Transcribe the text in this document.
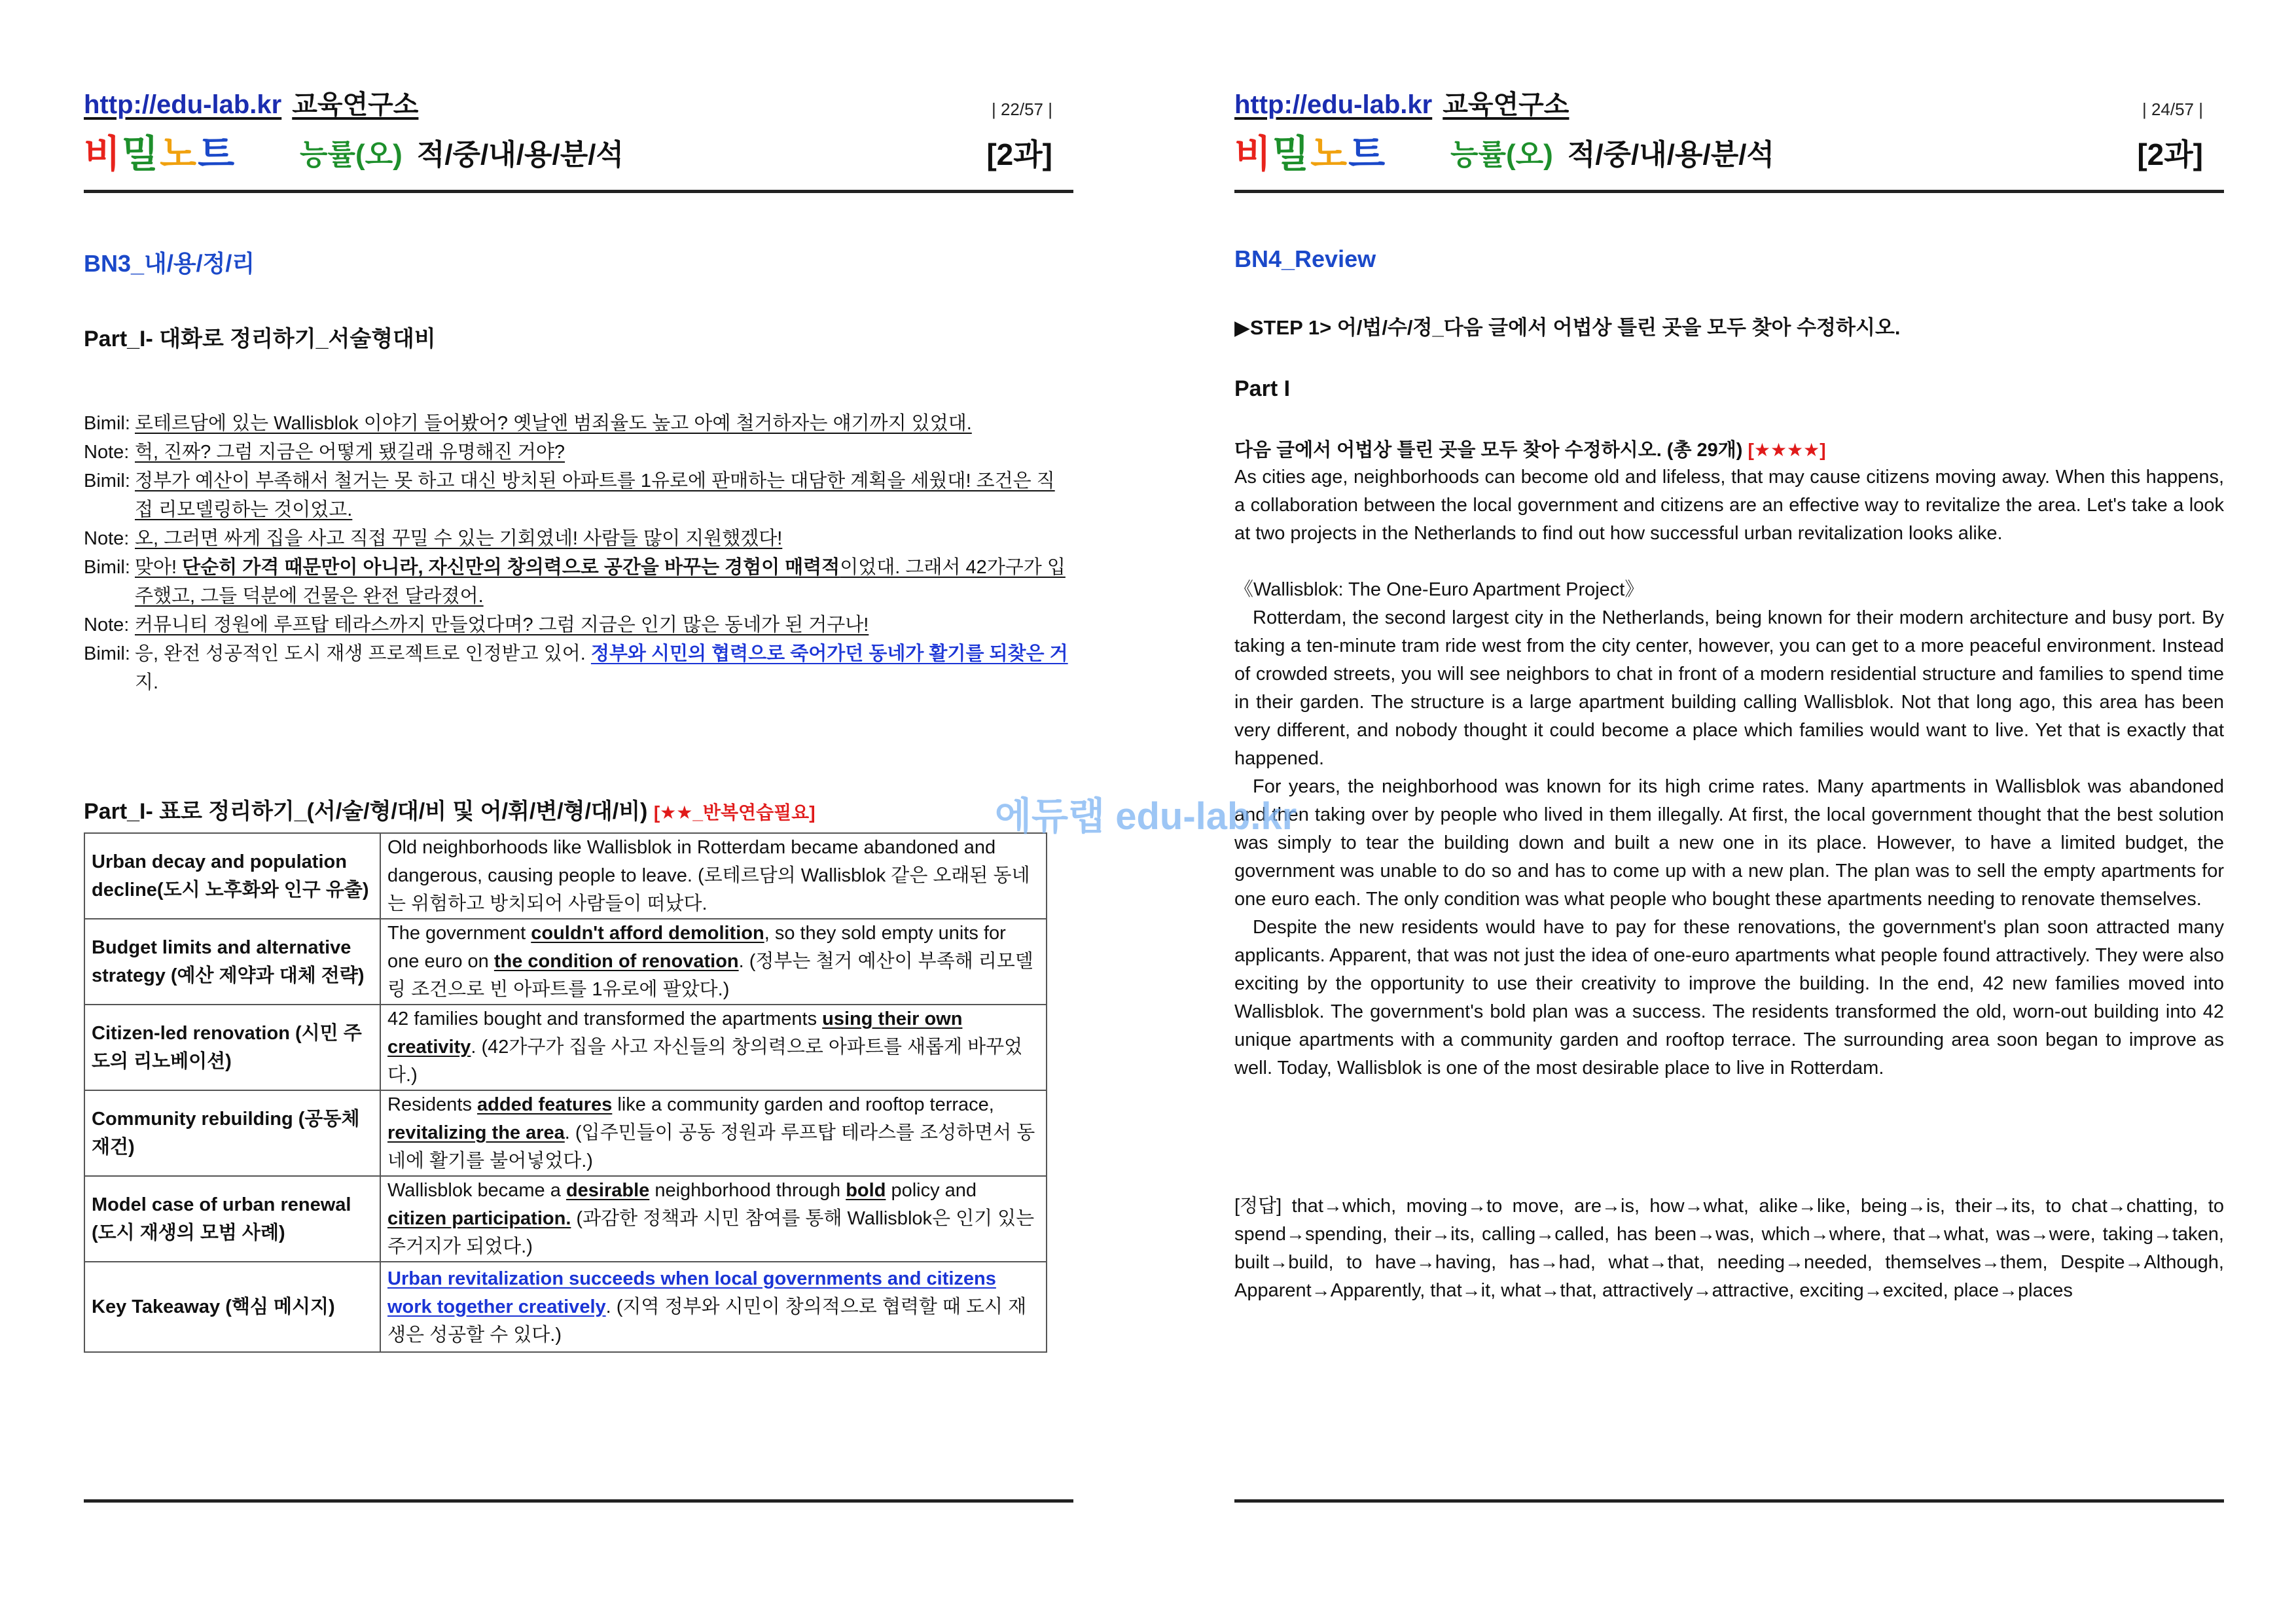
http://edu-lab.kr 교육연구소	| 22/57 |
비밀노트 능률(오) 적/중/내/용/분/석	[2과]
BN3_내/용/정/리
Part_I- 대화로 정리하기_서술형대비
Bimil: 로테르담에 있는 Wallisblok 이야기 들어봤어? 옛날엔 범죄율도 높고 아예 철거하자는 얘기까지 있었대.
Note: 헉, 진짜? 그럼 지금은 어떻게 됐길래 유명해진 거야?
Bimil: 정부가 예산이 부족해서 철거는 못 하고 대신 방치된 아파트를 1유로에 판매하는 대담한 계획을 세웠대! 조건은 직접 리모델링하는 것이었고.
Note: 오, 그러면 싸게 집을 사고 직접 꾸밀 수 있는 기회였네! 사람들 많이 지원했겠다!
Bimil: 맞아! 단순히 가격 때문만이 아니라, 자신만의 창의력으로 공간을 바꾸는 경험이 매력적이었대. 그래서 42가구가 입주했고, 그들 덕분에 건물은 완전 달라졌어.
Note: 커뮤니티 정원에 루프탑 테라스까지 만들었다며? 그럼 지금은 인기 많은 동네가 된 거구나!
Bimil: 응, 완전 성공적인 도시 재생 프로젝트로 인정받고 있어. 정부와 시민의 협력으로 죽어가던 동네가 활기를 되찾은 거지.
Part_I- 표로 정리하기_(서/술/형/대/비 및 어/휘/변/형/대/비) [★★_반복연습필요]
Urban decay and population decline(도시 노후화와 인구 유출)	Old neighborhoods like Wallisblok in Rotterdam became abandoned and dangerous, causing people to leave. (로테르담의 Wallisblok 같은 오래된 동네는 위험하고 방치되어 사람들이 떠났다.
Budget limits and alternative strategy (예산 제약과 대체 전략)	The government couldn't afford demolition, so they sold empty units for one euro on the condition of renovation. (정부는 철거 예산이 부족해 리모델링 조건으로 빈 아파트를 1유로에 팔았다.)
Citizen-led renovation (시민 주도의 리노베이션)	42 families bought and transformed the apartments using their own creativity. (42가구가 집을 사고 자신들의 창의력으로 아파트를 새롭게 바꾸었다.)
Community rebuilding (공동체 재건)	Residents added features like a community garden and rooftop terrace, revitalizing the area. (입주민들이 공동 정원과 루프탑 테라스를 조성하면서 동네에 활기를 불어넣었다.)
Model case of urban renewal (도시 재생의 모범 사례)	Wallisblok became a desirable neighborhood through bold policy and citizen participation. (과감한 정책과 시민 참여를 통해 Wallisblok은 인기 있는 주거지가 되었다.)
Key Takeaway (핵심 메시지)	Urban revitalization succeeds when local governments and citizens work together creatively. (지역 정부와 시민이 창의적으로 협력할 때 도시 재생은 성공할 수 있다.)
http://edu-lab.kr 교육연구소	| 24/57 |
비밀노트 능률(오) 적/중/내/용/분/석	[2과]
BN4_Review
▶STEP 1> 어/법/수/정_다음 글에서 어법상 틀린 곳을 모두 찾아 수정하시오.
Part I
다음 글에서 어법상 틀린 곳을 모두 찾아 수정하시오. (총 29개) [★★★★]

As cities age, neighborhoods can become old and lifeless, that may cause citizens moving away. When this happens, a collaboration between the local government and citizens are an effective way to revitalize the area. Let's take a look at two projects in the Netherlands to find out how successful urban revitalization looks alike.

《Wallisblok: The One-Euro Apartment Project》

Rotterdam, the second largest city in the Netherlands, being known for their modern architecture and busy port. By taking a ten-minute tram ride west from the city center, however, you can get to a more peaceful environment. Instead of crowded streets, you will see neighbors to chat in front of a modern residential structure and families to spend time in their garden. The structure is a large apartment building calling Wallisblok. Not that long ago, this area has been very different, and nobody thought it could become a place which families would want to live. Yet that is exactly that happened.

For years, the neighborhood was known for its high crime rates. Many apartments in Wallisblok was abandoned and then taking over by people who lived in them illegally. At first, the local government thought that the best solution was simply to tear the building down and built a new one in its place. However, to have a limited budget, the government was unable to do so and has to come up with a new plan. The plan was to sell the empty apartments for one euro each. The only condition was what people who bought these apartments needing to renovate themselves.

Despite the new residents would have to pay for these renovations, the government's plan soon attracted many applicants. Apparent, that was not just the idea of one-euro apartments what people found attractively. They were also exciting by the opportunity to use their creativity to improve the building. In the end, 42 new families moved into Wallisblok. The government's bold plan was a success. The residents transformed the old, worn-out building into 42 unique apartments with a community garden and rooftop terrace. The surrounding area soon began to improve as well. Today, Wallisblok is one of the most desirable place to live in Rotterdam.

[정답] that→which, moving→to move, are→is, how→what, alike→like, being→is, their→its, to chat→chatting, to spend→spending, their→its, calling→called, has been→was, which→where, that→what, was→were, taking→taken, built→build, to have→having, has→had, what→that, needing→needed, themselves→them, Despite→Although, Apparent→Apparently, that→it, what→that, attractively→attractive, exciting→excited, place→places
에듀랩 edu-lab.kr
